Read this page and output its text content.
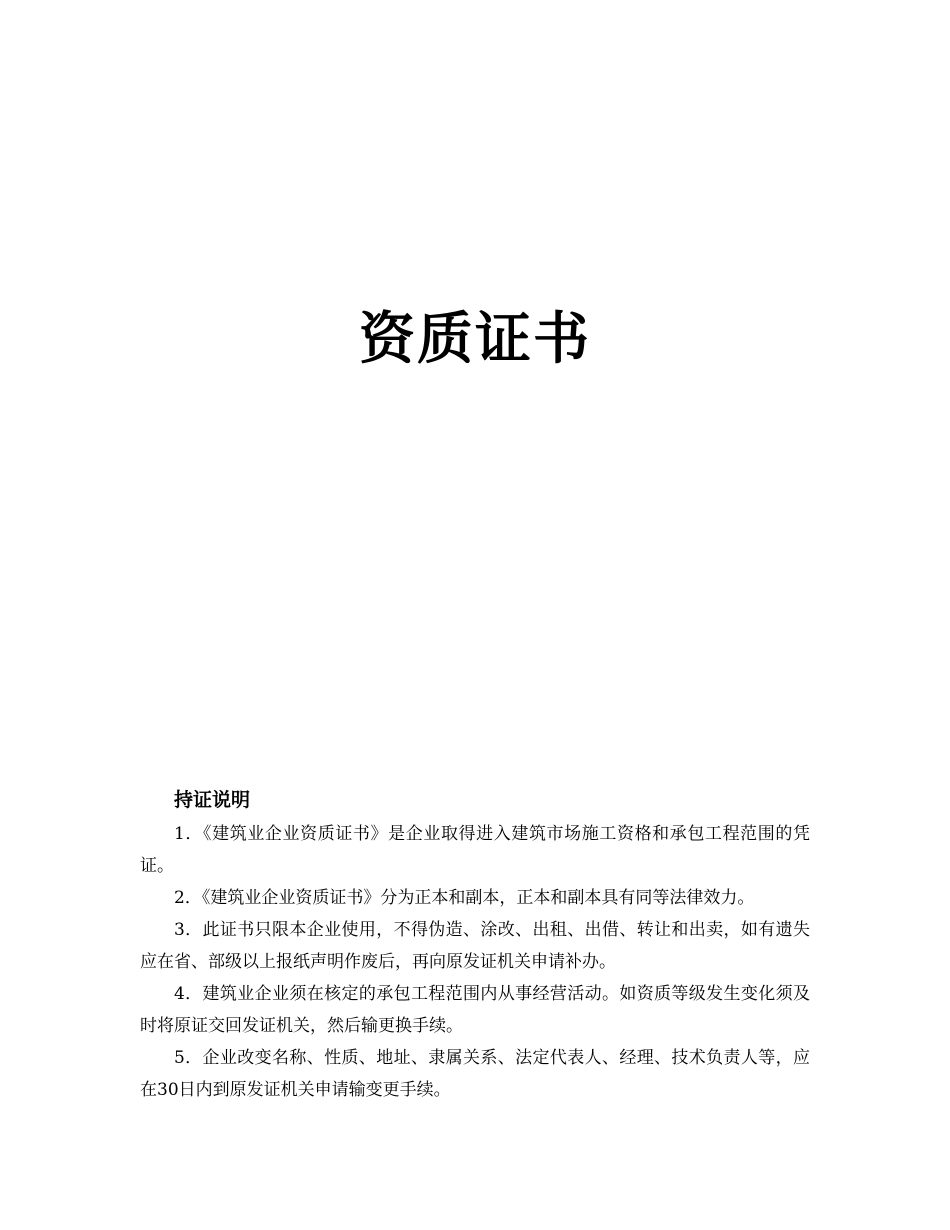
资质证书
持证说明

1．《建筑业企业资质证书》是企业取得进入建筑市场施工资格和承包工程范围的凭证。

2．《建筑业企业资质证书》分为正本和副本，正本和副本具有同等法律效力。

3．此证书只限本企业使用，不得伪造、涂改、出租、出借、转让和出卖，如有遗失应在省、部级以上报纸声明作废后，再向原发证机关申请补办。

4．建筑业企业须在核定的承包工程范围内从事经营活动。如资质等级发生变化须及时将原证交回发证机关，然后输更换手续。

5．企业改变名称、性质、地址、隶属关系、法定代表人、经理、技术负责人等，应在30日内到原发证机关申请输变更手续。
